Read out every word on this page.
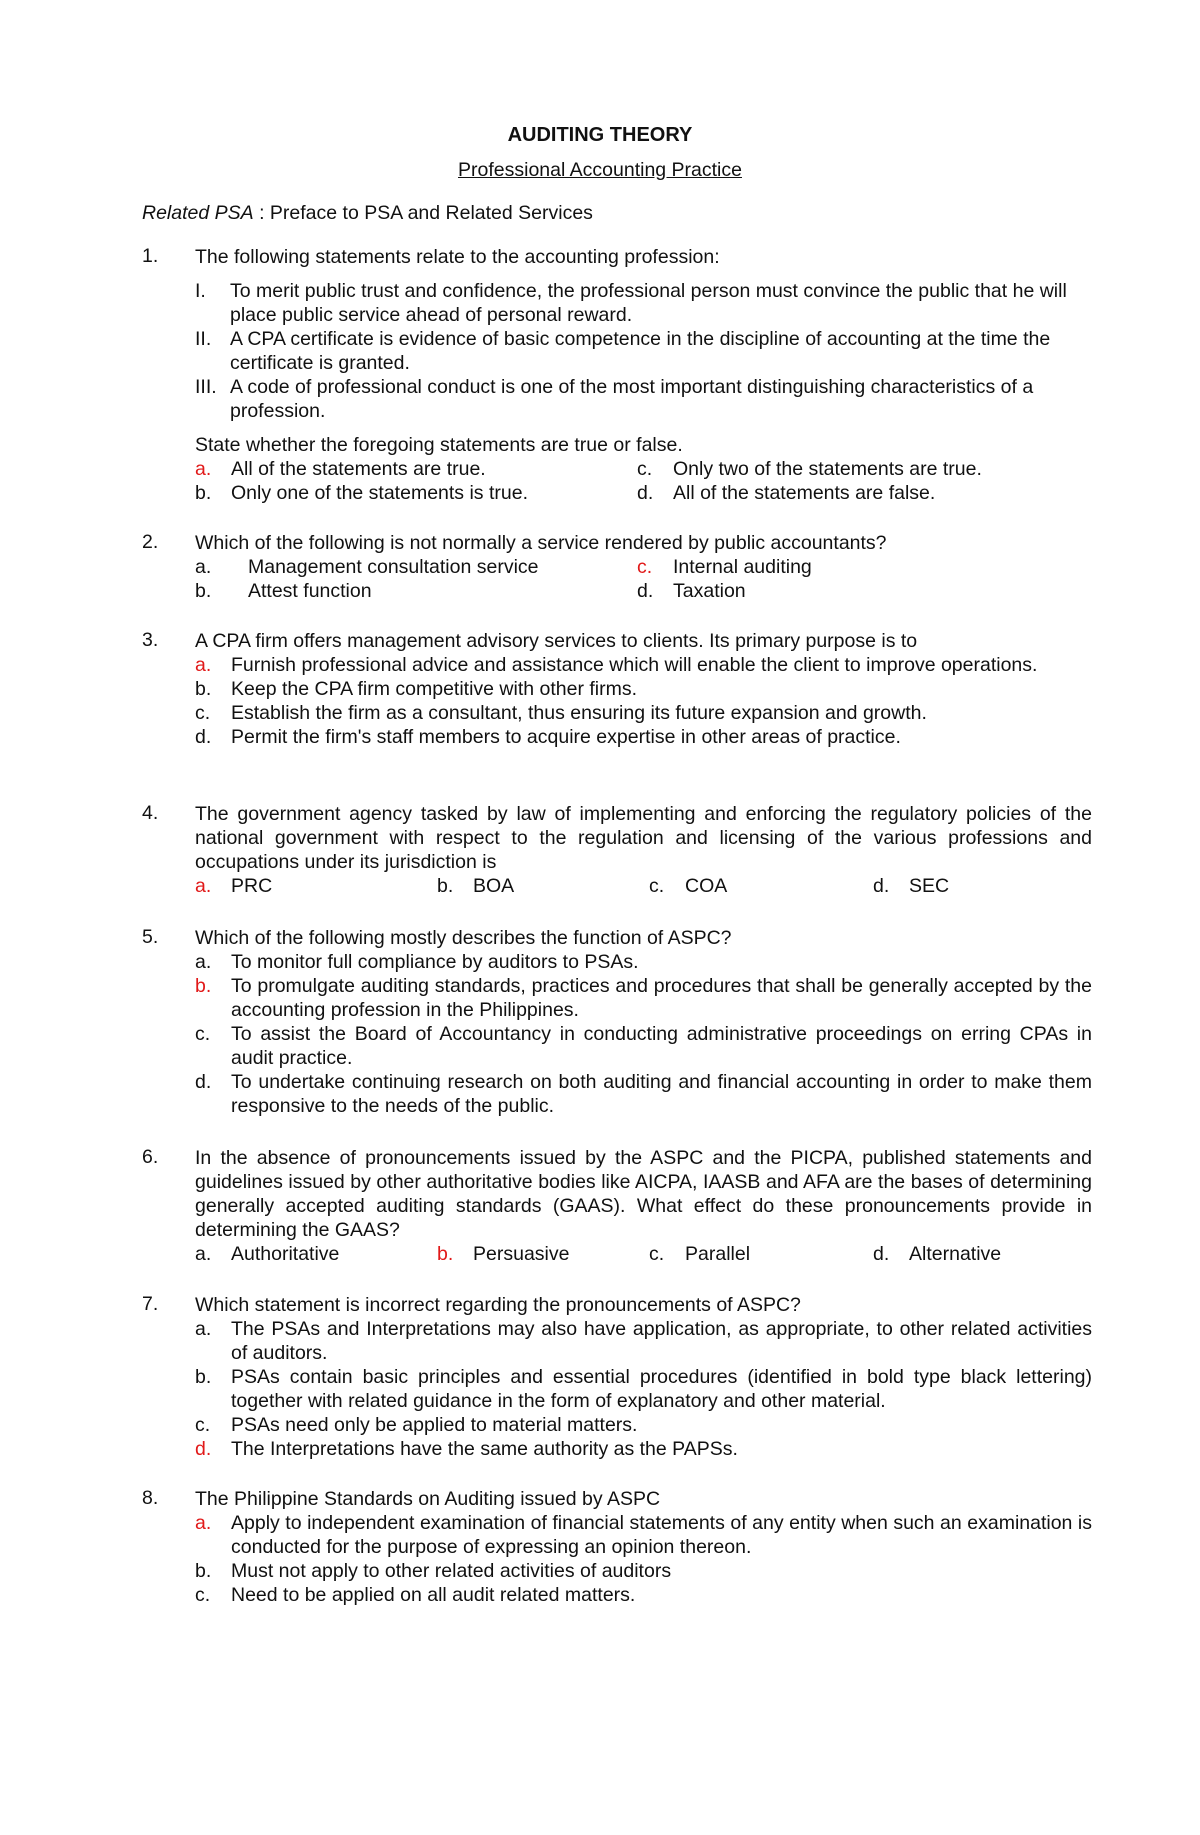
AUDITING THEORY
Professional Accounting Practice
Related PSA : Preface to PSA and Related Services
1. The following statements relate to the accounting profession:
I.	To merit public trust and confidence, the professional person must convince the public that he will place public service ahead of personal reward.
II. A CPA certificate is evidence of basic competence in the discipline of accounting at the time the certificate is granted.
III. A code of professional conduct is one of the most important distinguishing characteristics of a profession.
State whether the foregoing statements are true or false.
a.	All of the statements are true.	c.	Only two of the statements are true.
b.	Only one of the statements is true.	d.	All of the statements are false.
2. Which of the following is not normally a service rendered by public accountants?
a.	Management consultation service	c.	Internal auditing
b.	Attest function	d.	Taxation
3. A CPA firm offers management advisory services to clients. Its primary purpose is to
a.	Furnish professional advice and assistance which will enable the client to improve operations.
b.	Keep the CPA firm competitive with other firms.
c.	Establish the firm as a consultant, thus ensuring its future expansion and growth.
d.	Permit the firm's staff members to acquire expertise in other areas of practice.
4. The government agency tasked by law of implementing and enforcing the regulatory policies of the national government with respect to the regulation and licensing of the various professions and occupations under its jurisdiction is
a.	PRC	b.	BOA	c.	COA	d.	SEC
5. Which of the following mostly describes the function of ASPC?
a.	To monitor full compliance by auditors to PSAs.
b.	To promulgate auditing standards, practices and procedures that shall be generally accepted by the accounting profession in the Philippines.
c.	To assist the Board of Accountancy in conducting administrative proceedings on erring CPAs in audit practice.
d.	To undertake continuing research on both auditing and financial accounting in order to make them responsive to the needs of the public.
6. In the absence of pronouncements issued by the ASPC and the PICPA, published statements and guidelines issued by other authoritative bodies like AICPA, IAASB and AFA are the bases of determining generally accepted auditing standards (GAAS). What effect do these pronouncements provide in determining the GAAS?
a.	Authoritative	b.	Persuasive	c.	Parallel	d.	Alternative
7. Which statement is incorrect regarding the pronouncements of ASPC?
a.	The PSAs and Interpretations may also have application, as appropriate, to other related activities of auditors.
b.	PSAs contain basic principles and essential procedures (identified in bold type black lettering) together with related guidance in the form of explanatory and other material.
c.	PSAs need only be applied to material matters.
d.	The Interpretations have the same authority as the PAPSs.
8. The Philippine Standards on Auditing issued by ASPC
a.	Apply to independent examination of financial statements of any entity when such an examination is conducted for the purpose of expressing an opinion thereon.
b.	Must not apply to other related activities of auditors
c.	Need to be applied on all audit related matters.
